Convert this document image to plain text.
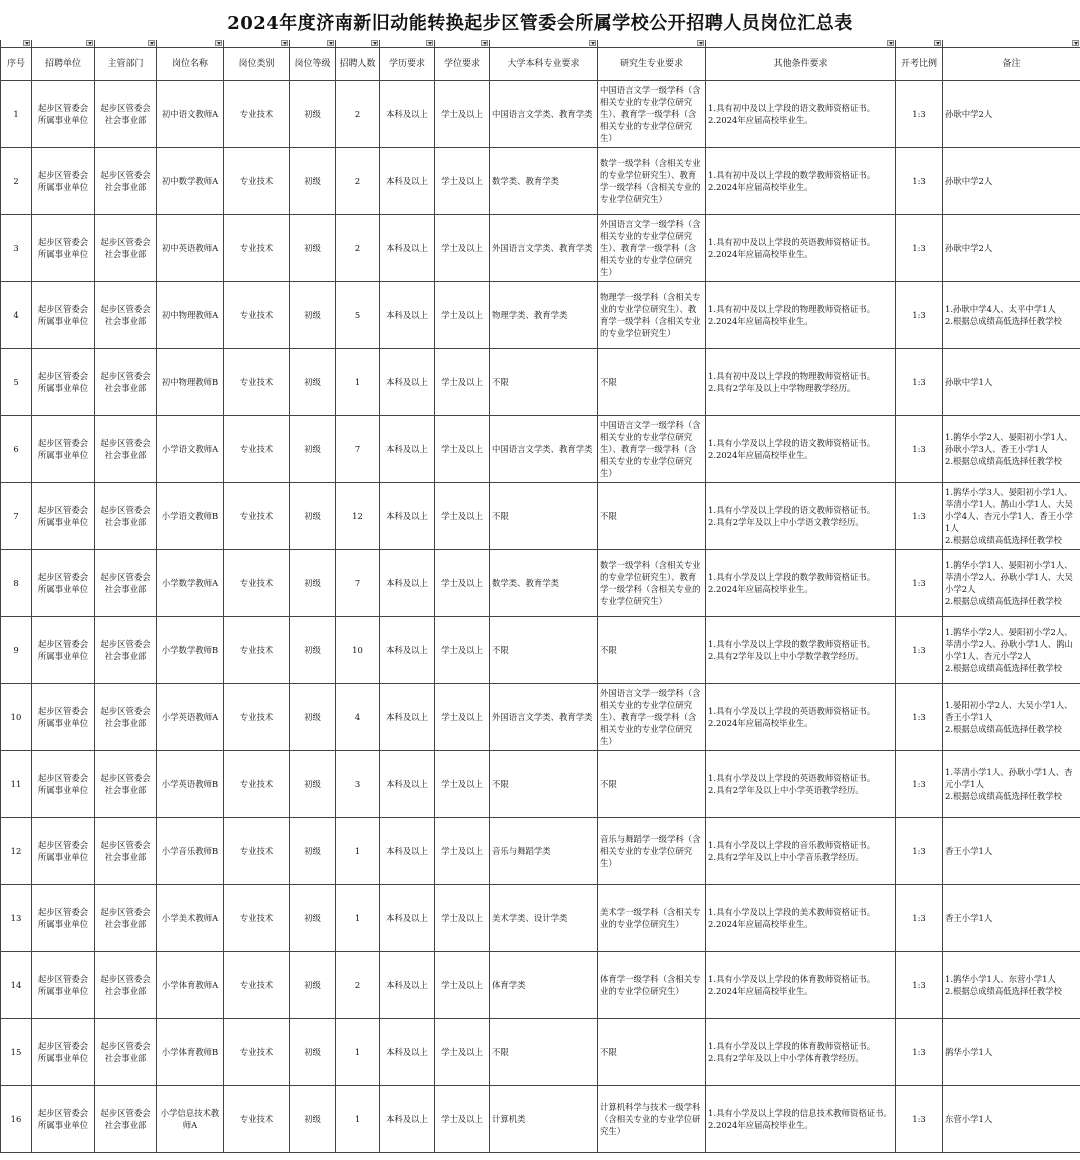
2024年度济南新旧动能转换起步区管委会所属学校公开招聘人员岗位汇总表

序号	招聘单位	主管部门	岗位名称	岗位类别	岗位等级	招聘人数	学历要求	学位要求	大学本科专业要求	研究生专业要求	其他条件要求	开考比例	备注

1	起步区管委会所属事业单位	起步区管委会社会事业部	初中语文教师A	专业技术	初级	2	本科及以上	学士及以上	中国语言文学类、教育学类	中国语言文学一级学科（含相关专业的专业学位研究生）、教育学一级学科（含相关专业的专业学位研究生）	1.具有初中及以上学段的语文教师资格证书。
2.2024年应届高校毕业生。	1:3	孙耿中学2人

2	起步区管委会所属事业单位	起步区管委会社会事业部	初中数学教师A	专业技术	初级	2	本科及以上	学士及以上	数学类、教育学类	数学一级学科（含相关专业的专业学位研究生）、教育学一级学科（含相关专业的专业学位研究生）	1.具有初中及以上学段的数学教师资格证书。
2.2024年应届高校毕业生。	1:3	孙耿中学2人

3	起步区管委会所属事业单位	起步区管委会社会事业部	初中英语教师A	专业技术	初级	2	本科及以上	学士及以上	外国语言文学类、教育学类	外国语言文学一级学科（含相关专业的专业学位研究生）、教育学一级学科（含相关专业的专业学位研究生）	1.具有初中及以上学段的英语教师资格证书。
2.2024年应届高校毕业生。	1:3	孙耿中学2人

4	起步区管委会所属事业单位	起步区管委会社会事业部	初中物理教师A	专业技术	初级	5	本科及以上	学士及以上	物理学类、教育学类	物理学一级学科（含相关专业的专业学位研究生）、教育学一级学科（含相关专业的专业学位研究生）	1.具有初中及以上学段的物理教师资格证书。
2.2024年应届高校毕业生。	1:3	1.孙耿中学4人、太平中学1人
2.根据总成绩高低选择任教学校

5	起步区管委会所属事业单位	起步区管委会社会事业部	初中物理教师B	专业技术	初级	1	本科及以上	学士及以上	不限	不限	1.具有初中及以上学段的物理教师资格证书。
2.具有2学年及以上中学物理教学经历。	1:3	孙耿中学1人

6	起步区管委会所属事业单位	起步区管委会社会事业部	小学语文教师A	专业技术	初级	7	本科及以上	学士及以上	中国语言文学类、教育学类	中国语言文学一级学科（含相关专业的专业学位研究生）、教育学一级学科（含相关专业的专业学位研究生）	1.具有小学及以上学段的语文教师资格证书。
2.2024年应届高校毕业生。	1:3	1.鹊华小学2人、晏阳初小学1人、孙耿小学3人、香王小学1人
2.根据总成绩高低选择任教学校

7	起步区管委会所属事业单位	起步区管委会社会事业部	小学语文教师B	专业技术	初级	12	本科及以上	学士及以上	不限	不限	1.具有小学及以上学段的语文教师资格证书。
2.具有2学年及以上中小学语文教学经历。	1:3	1.鹊华小学3人、晏阳初小学1人、莘清小学1人、鹊山小学1人、大吴小学4人、杏元小学1人、香王小学1人
2.根据总成绩高低选择任教学校

8	起步区管委会所属事业单位	起步区管委会社会事业部	小学数学教师A	专业技术	初级	7	本科及以上	学士及以上	数学类、教育学类	数学一级学科（含相关专业的专业学位研究生）、教育学一级学科（含相关专业的专业学位研究生）	1.具有小学及以上学段的数学教师资格证书。
2.2024年应届高校毕业生。	1:3	1.鹊华小学1人、晏阳初小学1人、莘清小学2人、孙耿小学1人、大吴小学2人
2.根据总成绩高低选择任教学校

9	起步区管委会所属事业单位	起步区管委会社会事业部	小学数学教师B	专业技术	初级	10	本科及以上	学士及以上	不限	不限	1.具有小学及以上学段的数学教师资格证书。
2.具有2学年及以上中小学数学教学经历。	1:3	1.鹊华小学2人、晏阳初小学2人、莘清小学2人、孙耿小学1人、鹊山小学1人、杏元小学2人
2.根据总成绩高低选择任教学校

10	起步区管委会所属事业单位	起步区管委会社会事业部	小学英语教师A	专业技术	初级	4	本科及以上	学士及以上	外国语言文学类、教育学类	外国语言文学一级学科（含相关专业的专业学位研究生）、教育学一级学科（含相关专业的专业学位研究生）	1.具有小学及以上学段的英语教师资格证书。
2.2024年应届高校毕业生。	1:3	1.晏阳初小学2人、大吴小学1人、香王小学1人
2.根据总成绩高低选择任教学校

11	起步区管委会所属事业单位	起步区管委会社会事业部	小学英语教师B	专业技术	初级	3	本科及以上	学士及以上	不限	不限	1.具有小学及以上学段的英语教师资格证书。
2.具有2学年及以上中小学英语教学经历。	1:3	1.莘清小学1人、孙耿小学1人、杏元小学1人
2.根据总成绩高低选择任教学校

12	起步区管委会所属事业单位	起步区管委会社会事业部	小学音乐教师B	专业技术	初级	1	本科及以上	学士及以上	音乐与舞蹈学类	音乐与舞蹈学一级学科（含相关专业的专业学位研究生）	1.具有小学及以上学段的音乐教师资格证书。
2.具有2学年及以上中小学音乐教学经历。	1:3	香王小学1人

13	起步区管委会所属事业单位	起步区管委会社会事业部	小学美术教师A	专业技术	初级	1	本科及以上	学士及以上	美术学类、设计学类	美术学一级学科（含相关专业的专业学位研究生）	1.具有小学及以上学段的美术教师资格证书。
2.2024年应届高校毕业生。	1:3	香王小学1人

14	起步区管委会所属事业单位	起步区管委会社会事业部	小学体育教师A	专业技术	初级	2	本科及以上	学士及以上	体育学类	体育学一级学科（含相关专业的专业学位研究生）	1.具有小学及以上学段的体育教师资格证书。
2.2024年应届高校毕业生。	1:3	1.鹊华小学1人、东营小学1人
2.根据总成绩高低选择任教学校

15	起步区管委会所属事业单位	起步区管委会社会事业部	小学体育教师B	专业技术	初级	1	本科及以上	学士及以上	不限	不限	1.具有小学及以上学段的体育教师资格证书。
2.具有2学年及以上中小学体育教学经历。	1:3	鹊华小学1人

16	起步区管委会所属事业单位	起步区管委会社会事业部	小学信息技术教师A	专业技术	初级	1	本科及以上	学士及以上	计算机类	计算机科学与技术一级学科（含相关专业的专业学位研究生）	1.具有小学及以上学段的信息技术教师资格证书。
2.2024年应届高校毕业生。	1:3	东营小学1人
